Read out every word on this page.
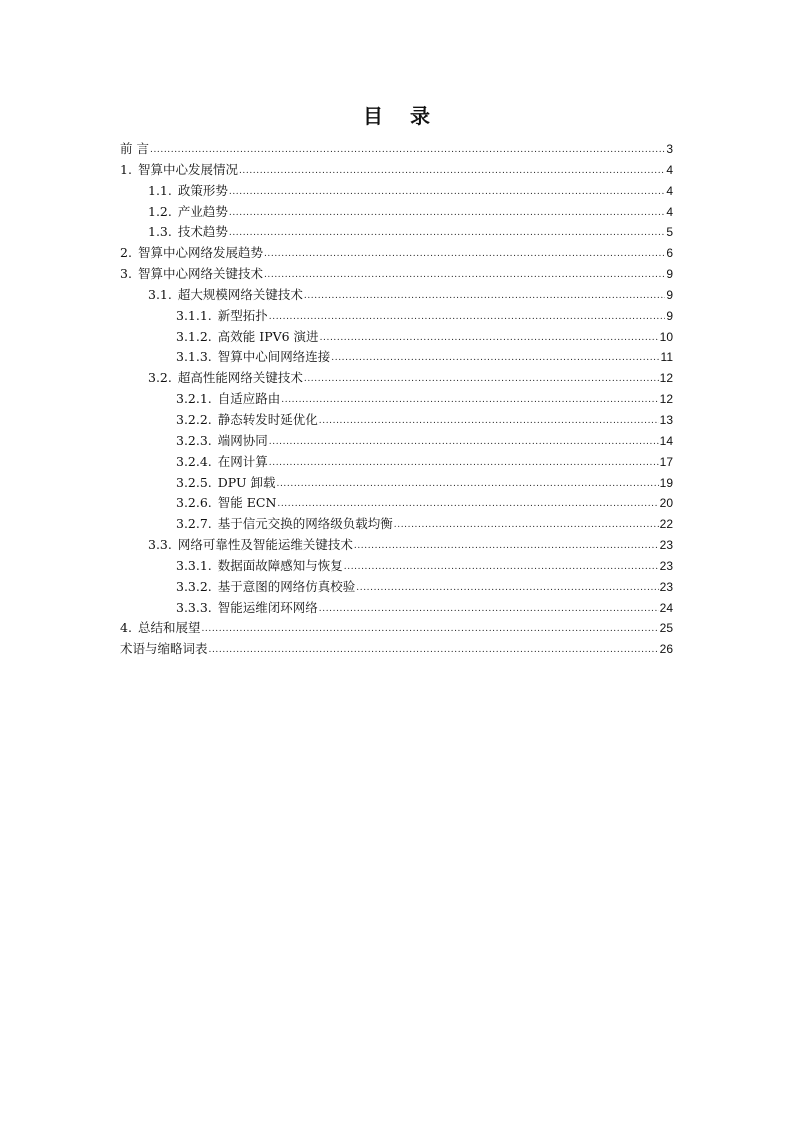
目 录
前 言 .....	3
1. 智算中心发展情况 .....	4
1.1. 政策形势 .....	4
1.2. 产业趋势 .....	4
1.3. 技术趋势 .....	5
2. 智算中心网络发展趋势 .....	6
3. 智算中心网络关键技术 .....	9
3.1. 超大规模网络关键技术 .....	9
3.1.1. 新型拓扑 .....	9
3.1.2. 高效能 IPV6 演进 .....	10
3.1.3. 智算中心间网络连接 .....	11
3.2. 超高性能网络关键技术 .....	12
3.2.1. 自适应路由 .....	12
3.2.2. 静态转发时延优化 .....	13
3.2.3. 端网协同 .....	14
3.2.4. 在网计算 .....	17
3.2.5. DPU 卸载 .....	19
3.2.6. 智能 ECN .....	20
3.2.7. 基于信元交换的网络级负载均衡 .....	22
3.3. 网络可靠性及智能运维关键技术 .....	23
3.3.1. 数据面故障感知与恢复 .....	23
3.3.2. 基于意图的网络仿真校验 .....	23
3.3.3. 智能运维闭环网络 .....	24
4. 总结和展望 .....	25
术语与缩略词表 .....	26
